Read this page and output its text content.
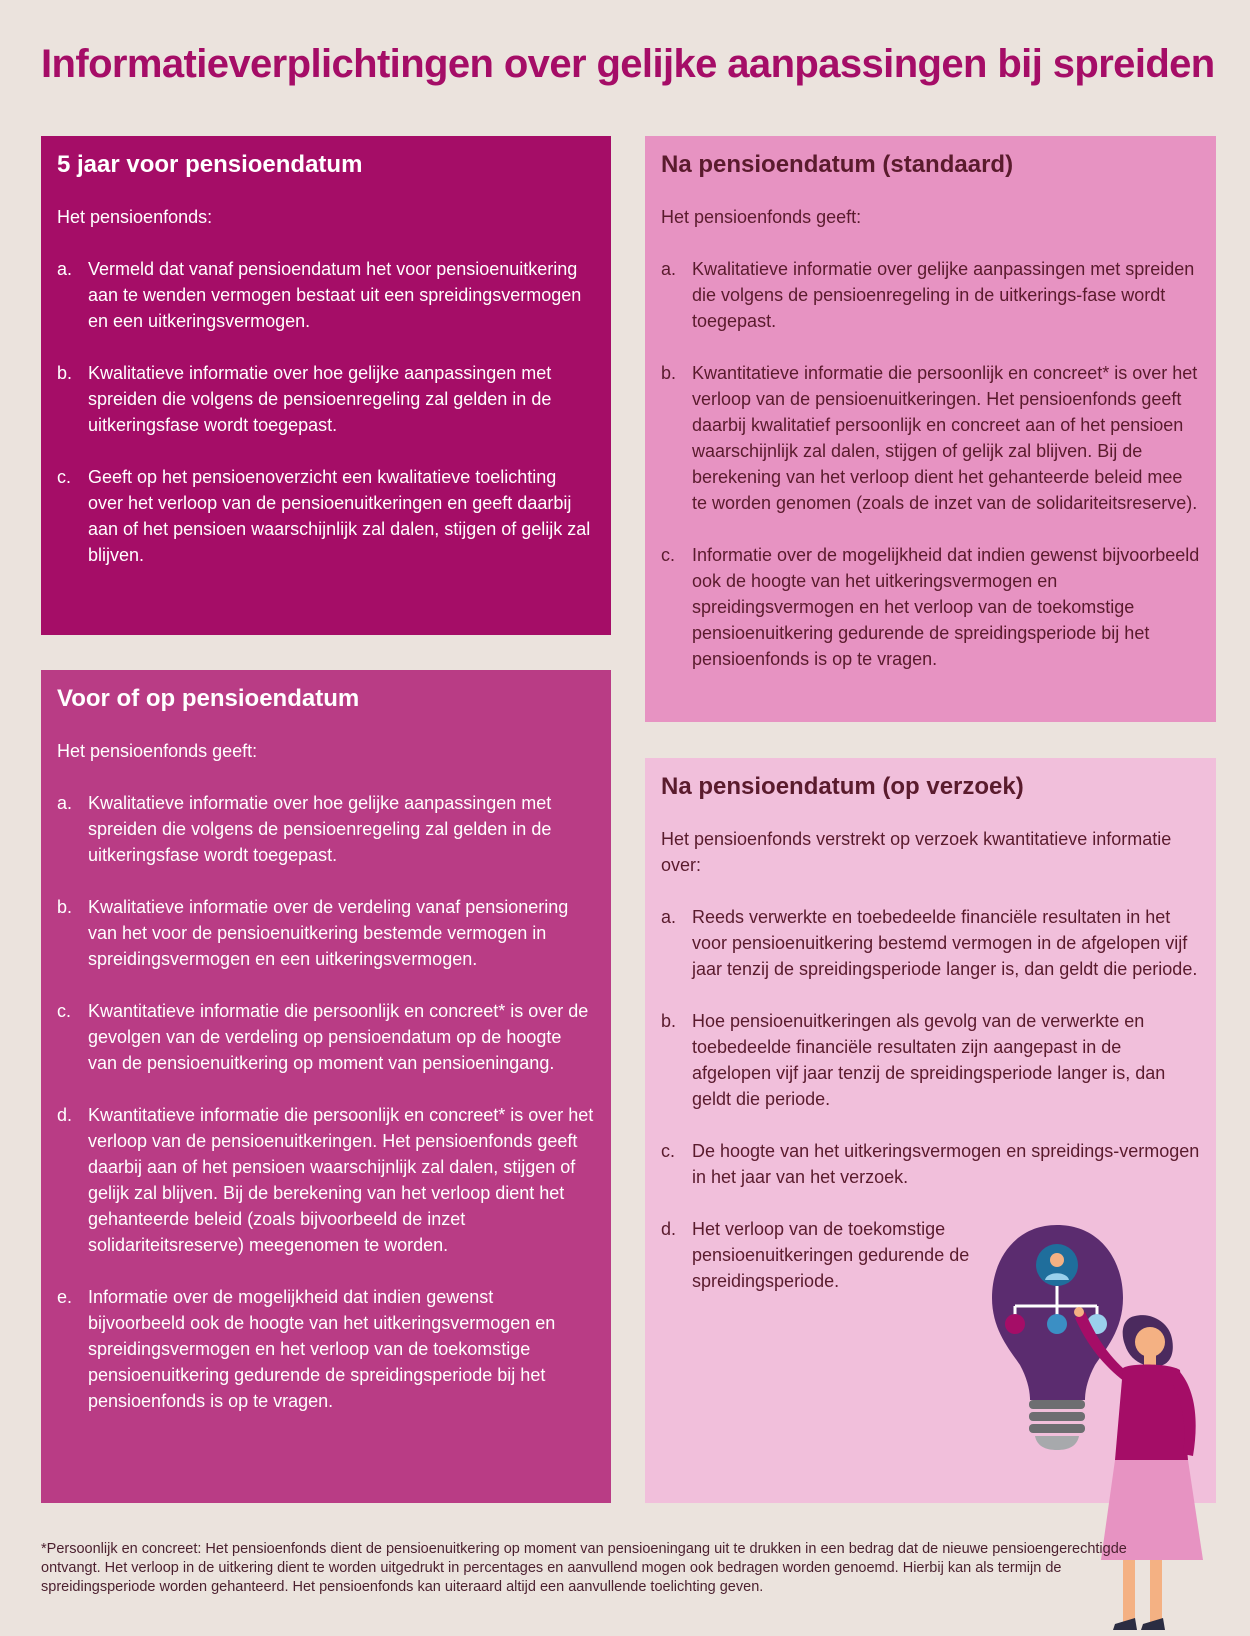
Informatieverplichtingen over gelijke aanpassingen bij spreiden
5 jaar voor pensioendatum

Het pensioenfonds:

a. Vermeld dat vanaf pensioendatum het voor pensioenuitkering aan te wenden vermogen bestaat uit een spreidingsvermogen en een uitkeringsvermogen.
b. Kwalitatieve informatie over hoe gelijke aanpassingen met spreiden die volgens de pensioenregeling zal gelden in de uitkeringsfase wordt toegepast.
c. Geeft op het pensioenoverzicht een kwalitatieve toelichting over het verloop van de pensioenuitkeringen en geeft daarbij aan of het pensioen waarschijnlijk zal dalen, stijgen of gelijk zal blijven.
Voor of op pensioendatum

Het pensioenfonds geeft:

a. Kwalitatieve informatie over hoe gelijke aanpassingen met spreiden die volgens de pensioenregeling zal gelden in de uitkeringsfase wordt toegepast.
b. Kwalitatieve informatie over de verdeling vanaf pensionering van het voor de pensioenuitkering bestemde vermogen in spreidingsvermogen en een uitkeringsvermogen.
c. Kwantitatieve informatie die persoonlijk en concreet* is over de gevolgen van de verdeling op pensioendatum op de hoogte van de pensioenuitkering op moment van pensioeningang.
d. Kwantitatieve informatie die persoonlijk en concreet* is over het verloop van de pensioenuitkeringen. Het pensioenfonds geeft daarbij aan of het pensioen waarschijnlijk zal dalen, stijgen of gelijk zal blijven. Bij de berekening van het verloop dient het gehanteerde beleid (zoals bijvoorbeeld de inzet solidariteitsreserve) meegenomen te worden.
e. Informatie over de mogelijkheid dat indien gewenst bijvoorbeeld ook de hoogte van het uitkeringsvermogen en spreidingsvermogen en het verloop van de toekomstige pensioenuitkering gedurende de spreidingsperiode bij het pensioenfonds is op te vragen.
Na pensioendatum (standaard)

Het pensioenfonds geeft:

a. Kwalitatieve informatie over gelijke aanpassingen met spreiden die volgens de pensioenregeling in de uitkerings-fase wordt toegepast.
b. Kwantitatieve informatie die persoonlijk en concreet* is over het verloop van de pensioenuitkeringen. Het pensioenfonds geeft daarbij kwalitatief persoonlijk en concreet aan of het pensioen waarschijnlijk zal dalen, stijgen of gelijk zal blijven. Bij de berekening van het verloop dient het gehanteerde beleid mee te worden genomen (zoals de inzet van de solidariteitsreserve).
c. Informatie over de mogelijkheid dat indien gewenst bijvoorbeeld ook de hoogte van het uitkeringsvermogen en spreidingsvermogen en het verloop van de toekomstige pensioenuitkering gedurende de spreidingsperiode bij het pensioenfonds is op te vragen.
Na pensioendatum (op verzoek)

Het pensioenfonds verstrekt op verzoek kwantitatieve informatie over:

a. Reeds verwerkte en toebedeelde financiële resultaten in het voor pensioenuitkering bestemd vermogen in de afgelopen vijf jaar tenzij de spreidingsperiode langer is, dan geldt die periode.
b. Hoe pensioenuitkeringen als gevolg van de verwerkte en toebedeelde financiële resultaten zijn aangepast in de afgelopen vijf jaar tenzij de spreidingsperiode langer is, dan geldt die periode.
c. De hoogte van het uitkeringsvermogen en spreidings-vermogen in het jaar van het verzoek.
d. Het verloop van de toekomstige pensioenuitkeringen gedurende de spreidingsperiode.

*Persoonlijk en concreet: Het pensioenfonds dient de pensioenuitkering op moment van pensioeningang uit te drukken in een bedrag dat de nieuwe pensioengerechtigde ontvangt. Het verloop in de uitkering dient te worden uitgedrukt in percentages en aanvullend mogen ook bedragen worden genoemd. Hierbij kan als termijn de spreidingsperiode worden gehanteerd. Het pensioenfonds kan uiteraard altijd een aanvullende toelichting geven.
